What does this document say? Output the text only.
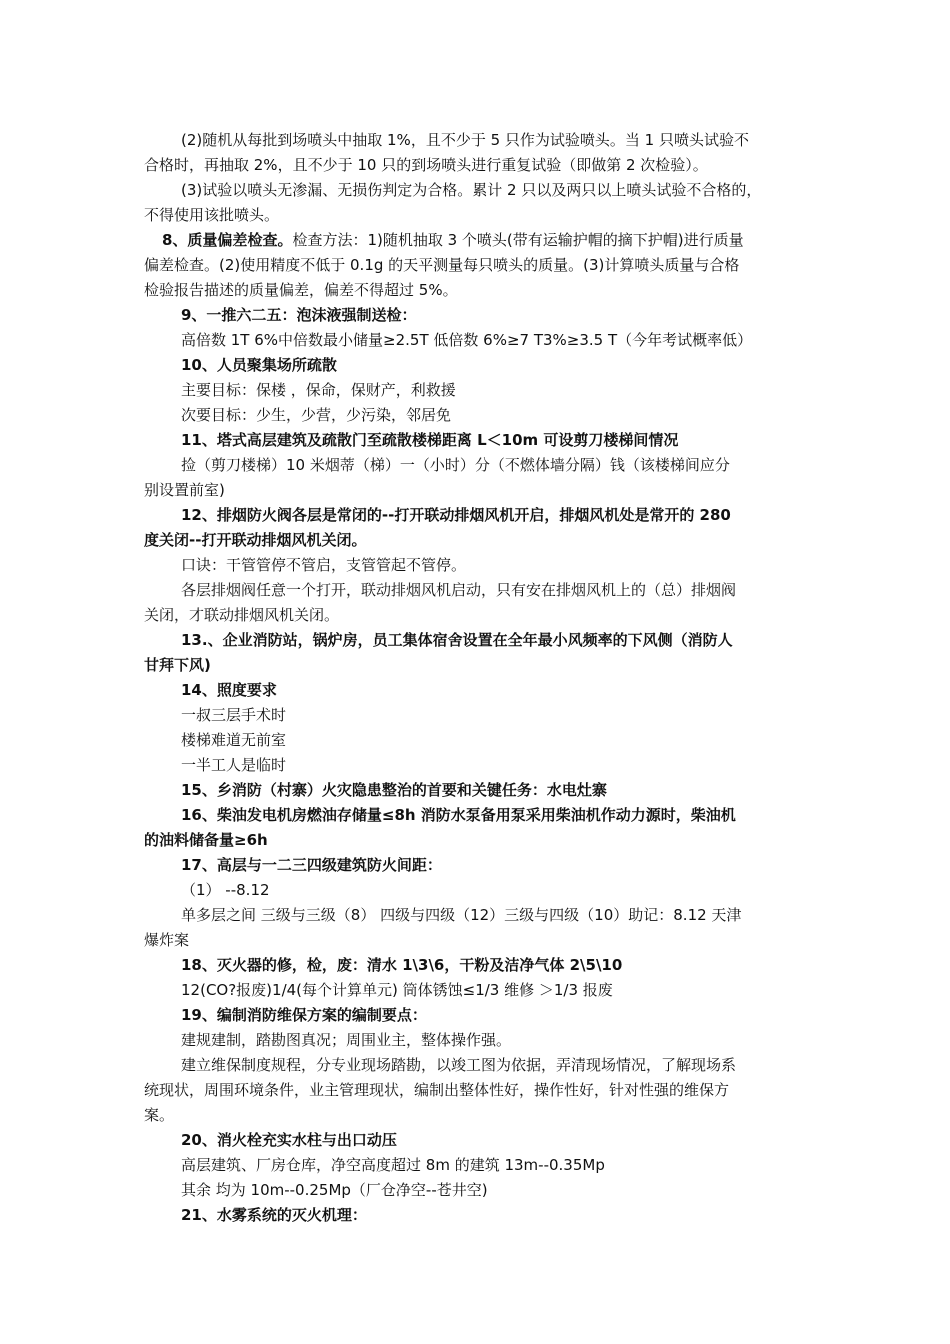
(2)随机从每批到场喷头中抽取 1%，且不少于 5 只作为试验喷头。当 1 只喷头试验不
合格时，再抽取 2%，且不少于 10 只的到场喷头进行重复试验（即做第 2 次检验）。
(3)试验以喷头无渗漏、无损伤判定为合格。累计 2 只以及两只以上喷头试验不合格的，
不得使用该批喷头。
8、质量偏差检查。检查方法：1)随机抽取 3 个喷头(带有运输护帽的摘下护帽)进行质量
偏差检查。(2)使用精度不低于 0.1g 的天平测量每只喷头的质量。(3)计算喷头质量与合格
检验报告描述的质量偏差，偏差不得超过 5%。
9、一推六二五：泡沫液强制送检：
高倍数 1T 6%中倍数最小储量≥2.5T 低倍数 6%≥7 T3%≥3.5 T（今年考试概率低）
10、人员聚集场所疏散
主要目标：保楼 ，保命，保财产，利救援
次要目标：少生，少营，少污染，邻居免
11、塔式高层建筑及疏散门至疏散楼梯距离 L＜10m 可设剪刀楼梯间情况
捡（剪刀楼梯）10 米烟蒂（梯）一（小时）分（不燃体墙分隔）钱（该楼梯间应分
别设置前室)
12、排烟防火阀各层是常闭的--打开联动排烟风机开启，排烟风机处是常开的 280
度关闭--打开联动排烟风机关闭。
口诀：干管管停不管启，支管管起不管停。
各层排烟阀任意一个打开，联动排烟风机启动，只有安在排烟风机上的（总）排烟阀
关闭，才联动排烟风机关闭。
13.、企业消防站，锅炉房，员工集体宿舍设置在全年最小风频率的下风侧（消防人
甘拜下风)
14、照度要求
一叔三层手术时
楼梯难道无前室
一半工人是临时
15、乡消防（村寨）火灾隐患整治的首要和关键任务：水电灶寨
16、柴油发电机房燃油存储量≤8h 消防水泵备用泵采用柴油机作动力源时，柴油机
的油料储备量≥6h
17、高层与一二三四级建筑防火间距：
（1） --8.12
单多层之间 三级与三级（8） 四级与四级（12）三级与四级（10）助记：8.12 天津
爆炸案
18、灭火器的修，检，废：清水 1\3\6，干粉及洁净气体 2\5\10
12(CO?报废)1/4(每个计算单元) 筒体锈蚀≤1/3 维修 ＞1/3 报废
19、编制消防维保方案的编制要点：
建规建制，踏勘图真况；周围业主，整体操作强。
建立维保制度规程，分专业现场踏勘，以竣工图为依据，弄清现场情况，了解现场系
统现状，周围环境条件，业主管理现状，编制出整体性好，操作性好，针对性强的维保方
案。
20、消火栓充实水柱与出口动压
高层建筑、厂房仓库，净空高度超过 8m 的建筑 13m--0.35Mp
其余 均为 10m--0.25Mp（厂仓净空--苍井空)
21、水雾系统的灭火机理：
